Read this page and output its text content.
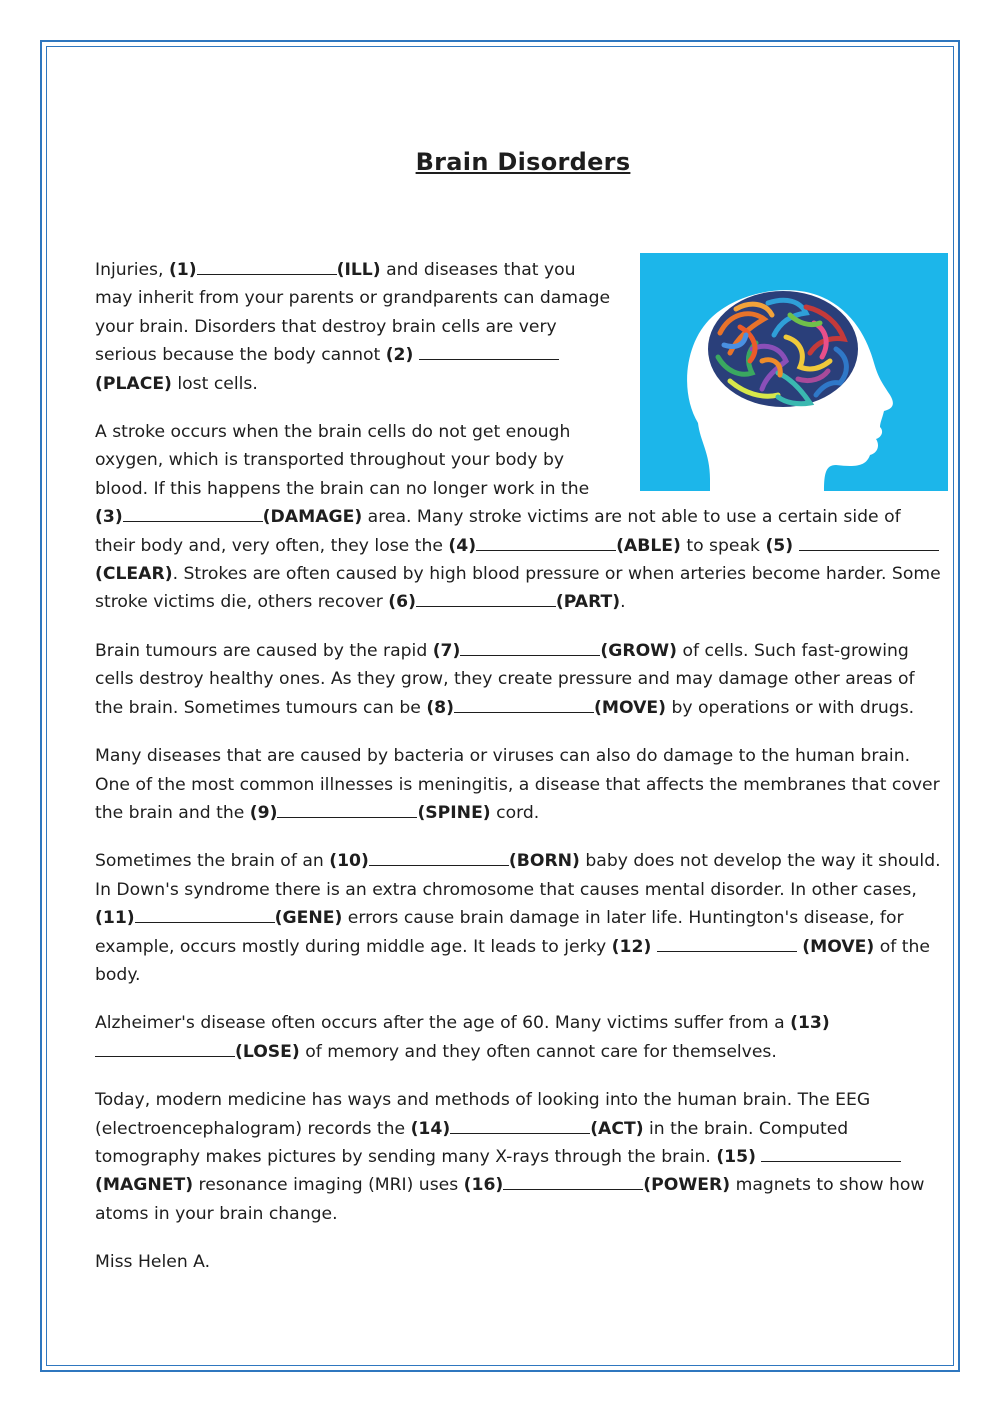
Brain Disorders

Injuries, (1)	(ILL) and diseases that you may inherit from your parents or grandparents can damage your brain. Disorders that destroy brain cells are very serious because the body cannot (2)  (PLACE) lost cells.

A stroke occurs when the brain cells do not get enough oxygen, which is transported throughout your body by blood. If this happens the brain can no longer work in the (3)	(DAMAGE) area. Many stroke victims are not able to use a certain side of their body and, very often, they lose the (4)	(ABLE) to speak (5)  (CLEAR). Strokes are often caused by high blood pressure or when arteries become harder. Some stroke victims die, others recover (6)	(PART).

Brain tumours are caused by the rapid (7)	(GROW) of cells. Such fast-growing cells destroy healthy ones. As they grow, they create pressure and may damage other areas of the brain. Sometimes tumours can be (8)	(MOVE) by operations or with drugs.

Many diseases that are caused by bacteria or viruses can also do damage to the human brain. One of the most common illnesses is meningitis, a disease that affects the membranes that cover the brain and the (9)	(SPINE) cord.

Sometimes the brain of an (10)	(BORN) baby does not develop the way it should. In Down's syndrome there is an extra chromosome that causes mental disorder. In other cases, (11)	(GENE) errors cause brain damage in later life. Huntington's disease, for example, occurs mostly during middle age. It leads to jerky (12)	(MOVE) of the body.

Alzheimer's disease often occurs after the age of 60. Many victims suffer from a (13)(LOSE) of memory and they often cannot care for themselves.

Today, modern medicine has ways and methods of looking into the human brain. The EEG (electroencephalogram) records the (14)	(ACT) in the brain. Computed tomography makes pictures by sending many X-rays through the brain. (15)  (MAGNET) resonance imaging (MRI) uses (16)	(POWER) magnets to show how atoms in your brain change.

Miss Helen A.
